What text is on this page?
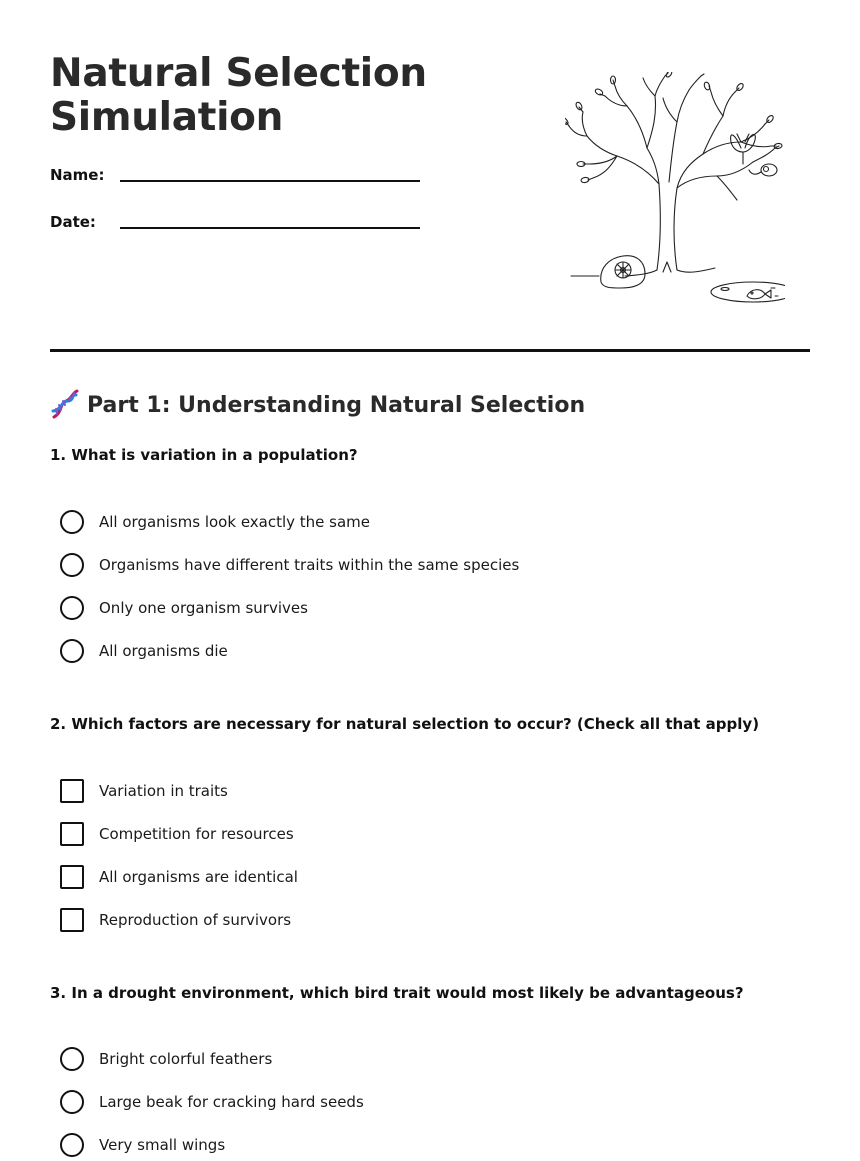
Natural Selection
Simulation
Name:
Date:
Part 1: Understanding Natural Selection

1. What is variation in a population?

All organisms look exactly the same
Organisms have different traits within the same species
Only one organism survives
All organisms die

2. Which factors are necessary for natural selection to occur? (Check all that apply)

Variation in traits
Competition for resources
All organisms are identical
Reproduction of survivors

3. In a drought environment, which bird trait would most likely be advantageous?

Bright colorful feathers
Large beak for cracking hard seeds
Very small wings
